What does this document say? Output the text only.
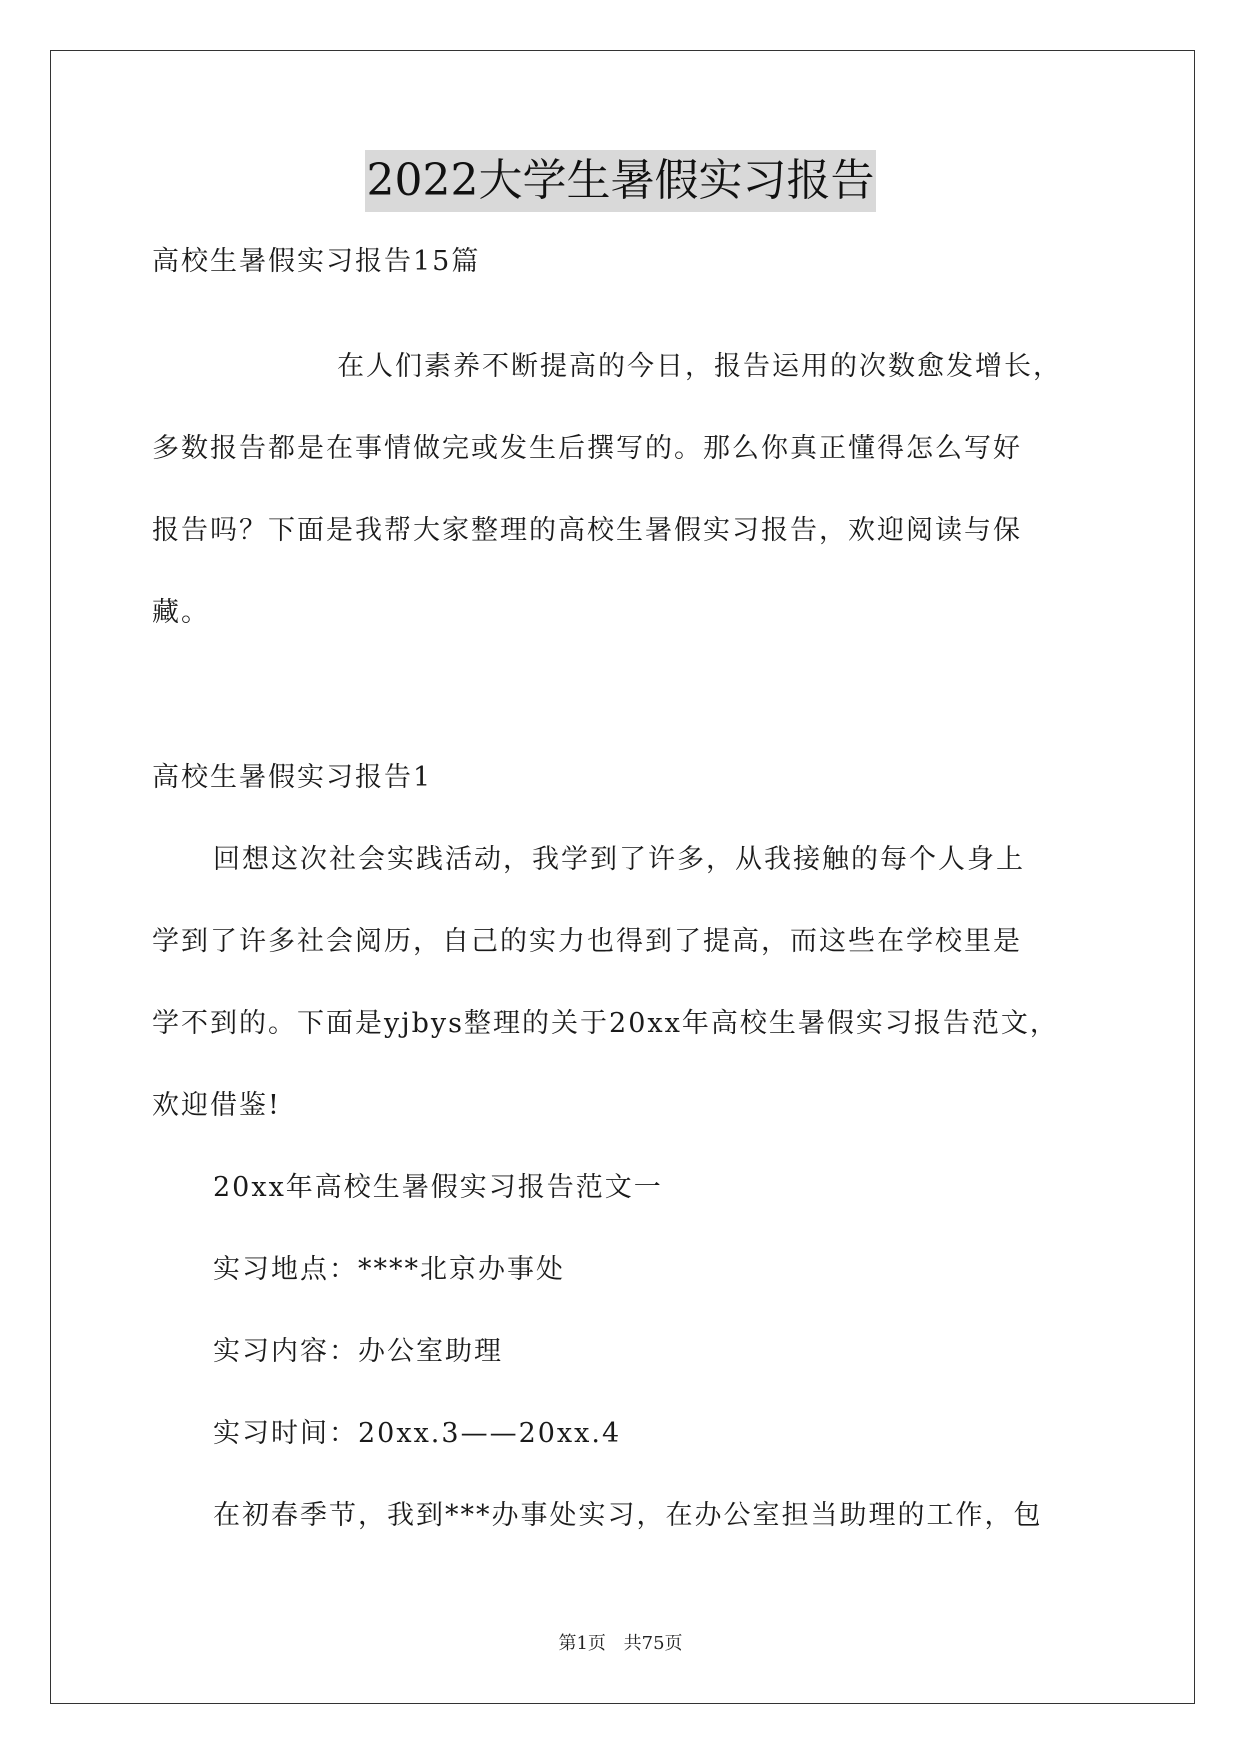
2022大学生暑假实习报告
高校生暑假实习报告15篇
在人们素养不断提高的今日，报告运用的次数愈发增长，
多数报告都是在事情做完或发生后撰写的。那么你真正懂得怎么写好
报告吗？下面是我帮大家整理的高校生暑假实习报告，欢迎阅读与保
藏。
高校生暑假实习报告1
回想这次社会实践活动，我学到了许多，从我接触的每个人身上
学到了许多社会阅历，自己的实力也得到了提高，而这些在学校里是
学不到的。下面是yjbys整理的关于20xx年高校生暑假实习报告范文，
欢迎借鉴!
20xx年高校生暑假实习报告范文一
实习地点：****北京办事处
实习内容：办公室助理
实习时间：20xx.3——20xx.4
在初春季节，我到***办事处实习，在办公室担当助理的工作，包
第1页 共75页
